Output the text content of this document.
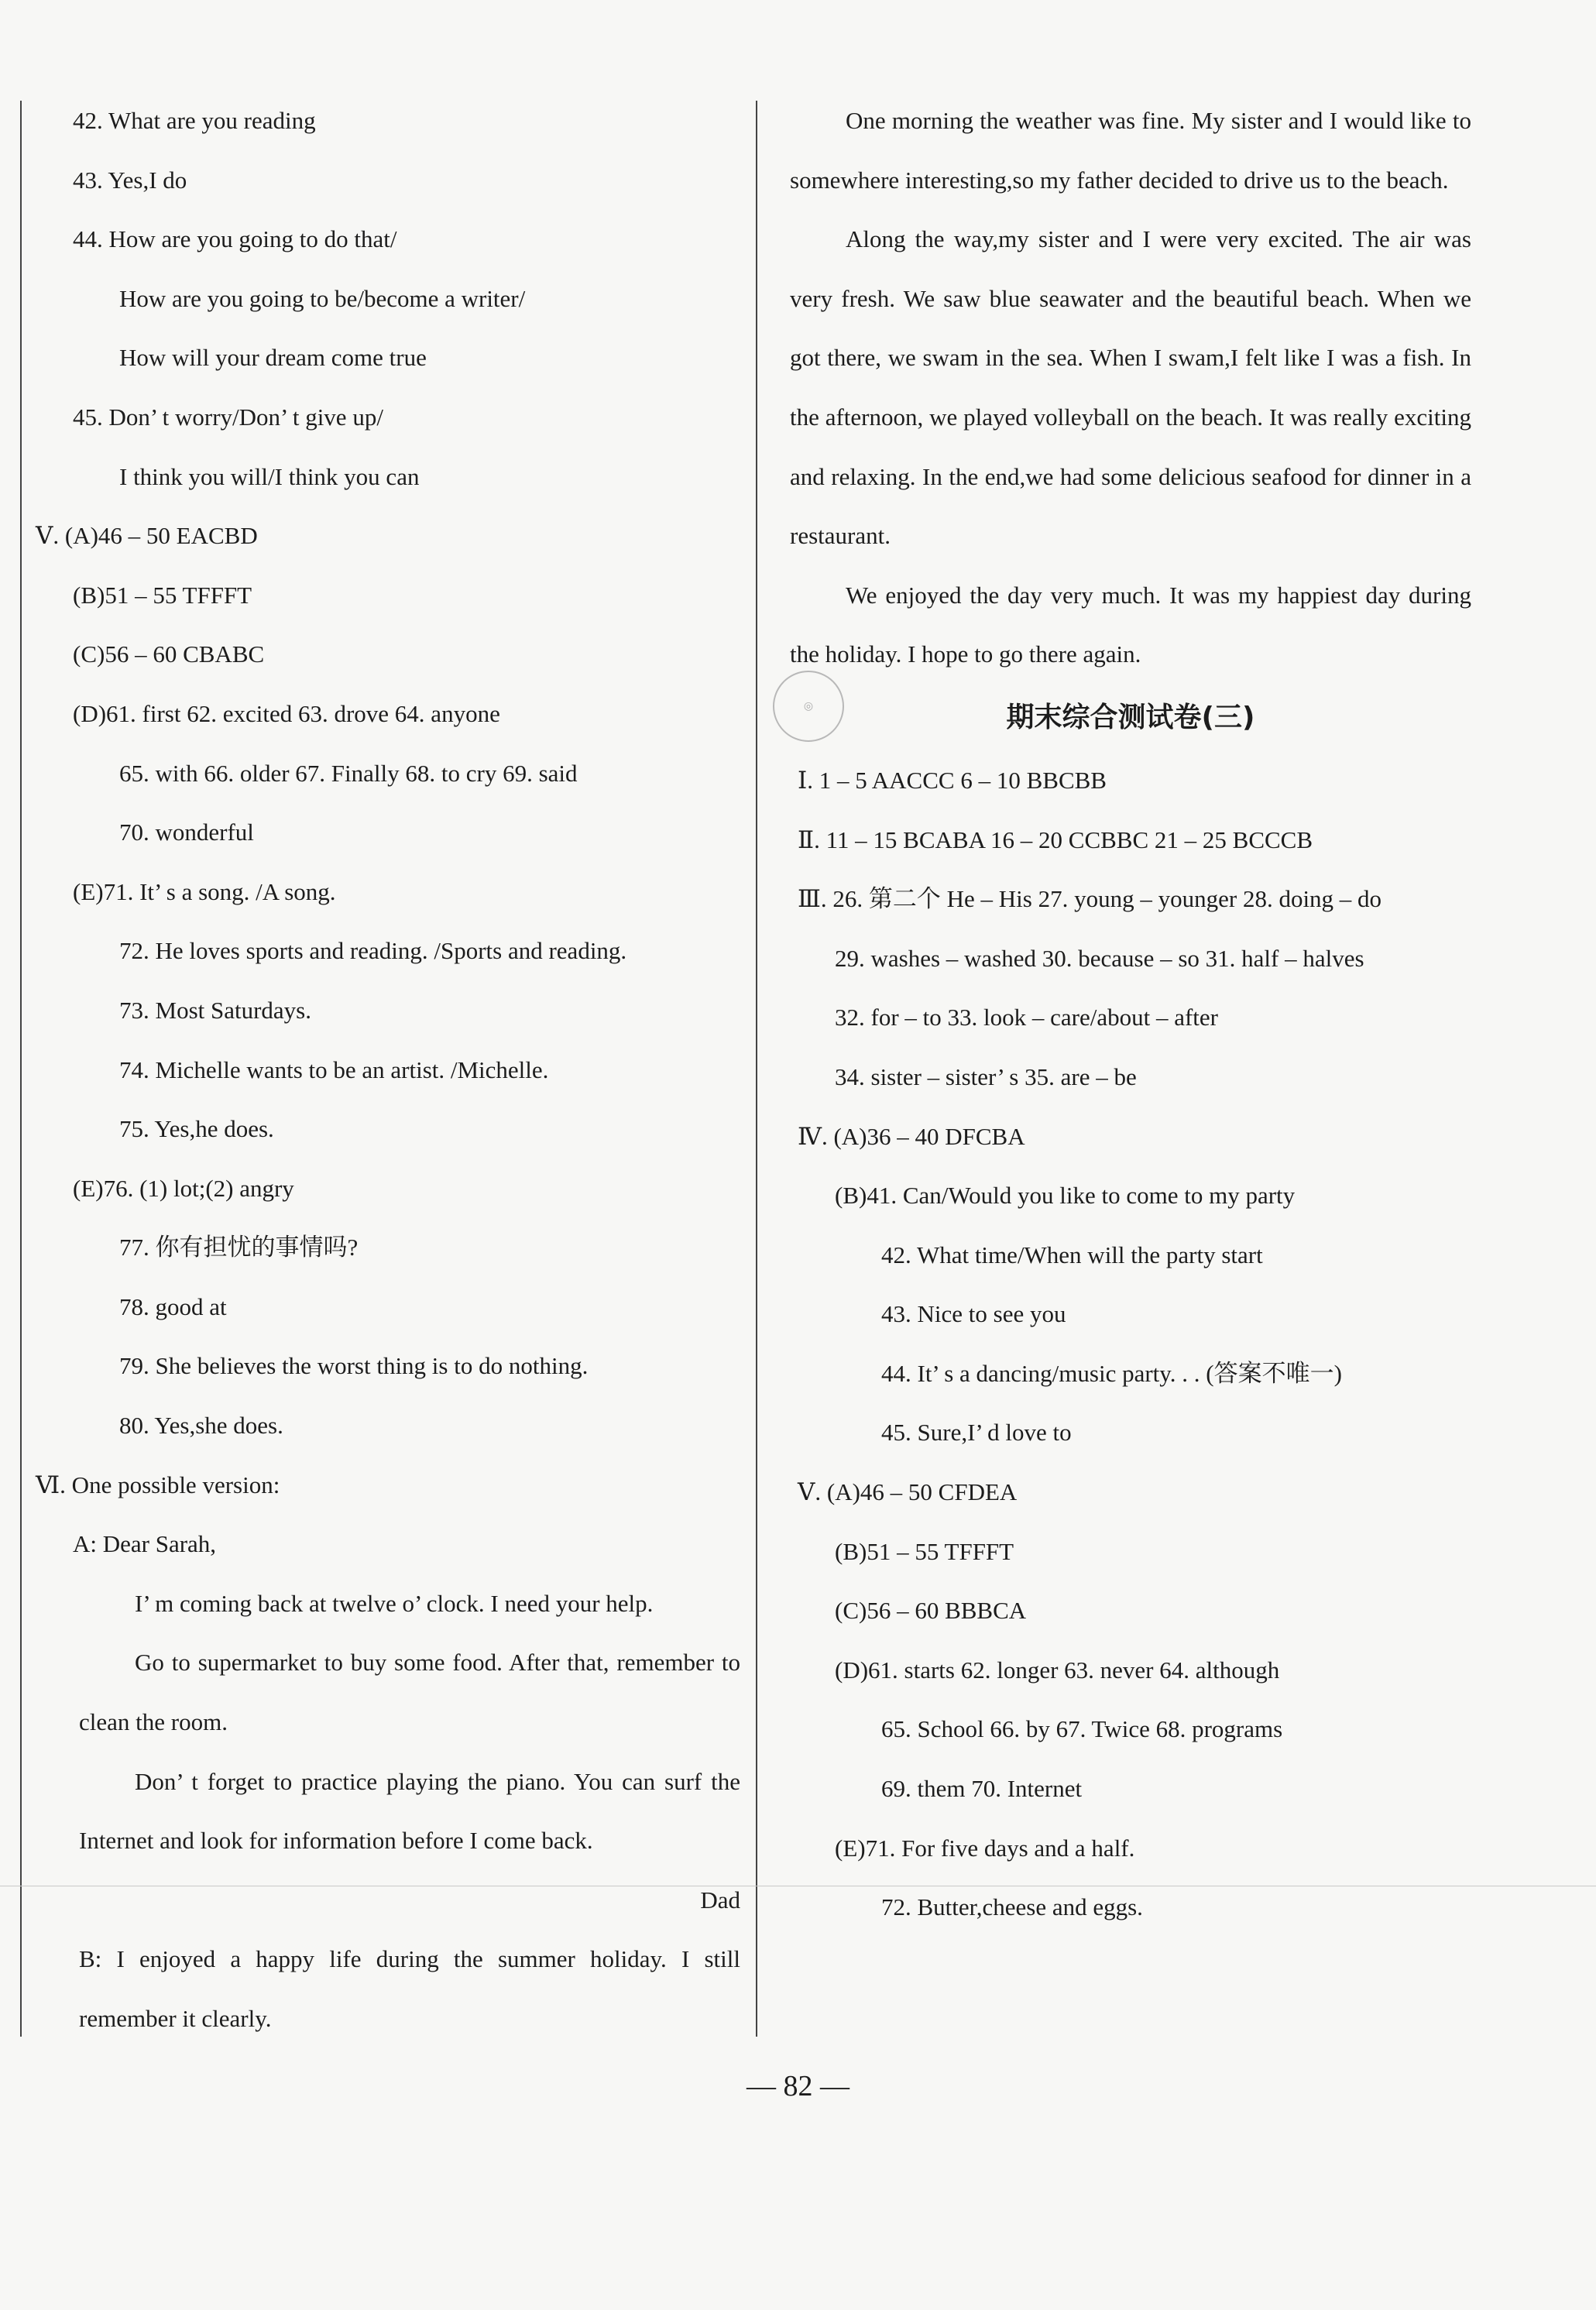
42. What are you reading
43. Yes,I do
44. How are you going to do that/
How are you going to be/become a writer/
How will your dream come true
45. Don’ t worry/Don’ t give up/
I think you will/I think you can
Ⅴ. (A)46 – 50 EACBD
(B)51 – 55 TFFFT
(C)56 – 60 CBABC
(D)61. first 62. excited 63. drove 64. anyone
65. with 66. older 67. Finally 68. to cry 69. said
70. wonderful
(E)71. It’ s a song. /A song.
72. He loves sports and reading. /Sports and reading.
73. Most Saturdays.
74. Michelle wants to be an artist. /Michelle.
75. Yes,he does.
(E)76. (1) lot;(2) angry
77. 你有担忧的事情吗?
78. good at
79. She believes the worst thing is to do nothing.
80. Yes,she does.
Ⅵ. One possible version:
A: Dear Sarah,
I’ m coming back at twelve o’ clock. I need your help.
Go to supermarket to buy some food. After that, remember to clean the room.
Don’ t forget to practice playing the piano. You can surf the Internet and look for information before I come back.
Dad
B: I enjoyed a happy life during the summer holiday. I still remember it clearly.
One morning the weather was fine. My sister and I would like to somewhere interesting,so my father decided to drive us to the beach.
Along the way,my sister and I were very excited. The air was very fresh. We saw blue seawater and the beautiful beach. When we got there, we swam in the sea. When I swam,I felt like I was a fish. In the afternoon, we played volleyball on the beach. It was really exciting and relaxing. In the end,we had some delicious seafood for dinner in a restaurant.
We enjoyed the day very much. It was my happiest day during the holiday. I hope to go there again.
期末综合测试卷(三)
Ⅰ. 1 – 5 AACCC 6 – 10 BBCBB
Ⅱ. 11 – 15 BCABA 16 – 20 CCBBC 21 – 25 BCCCB
Ⅲ. 26. 第二个 He – His 27. young – younger 28. doing – do
29. washes – washed 30. because – so 31. half – halves
32. for – to 33. look – care/about – after
34. sister – sister’ s 35. are – be
Ⅳ. (A)36 – 40 DFCBA
(B)41. Can/Would you like to come to my party
42. What time/When will the party start
43. Nice to see you
44. It’ s a dancing/music party. . . (答案不唯一)
45. Sure,I’ d love to
Ⅴ. (A)46 – 50 CFDEA
(B)51 – 55 TFFFT
(C)56 – 60 BBBCA
(D)61. starts 62. longer 63. never 64. although
65. School 66. by 67. Twice 68. programs
69. them 70. Internet
(E)71. For five days and a half.
72. Butter,cheese and eggs.
◎
— 82 —
